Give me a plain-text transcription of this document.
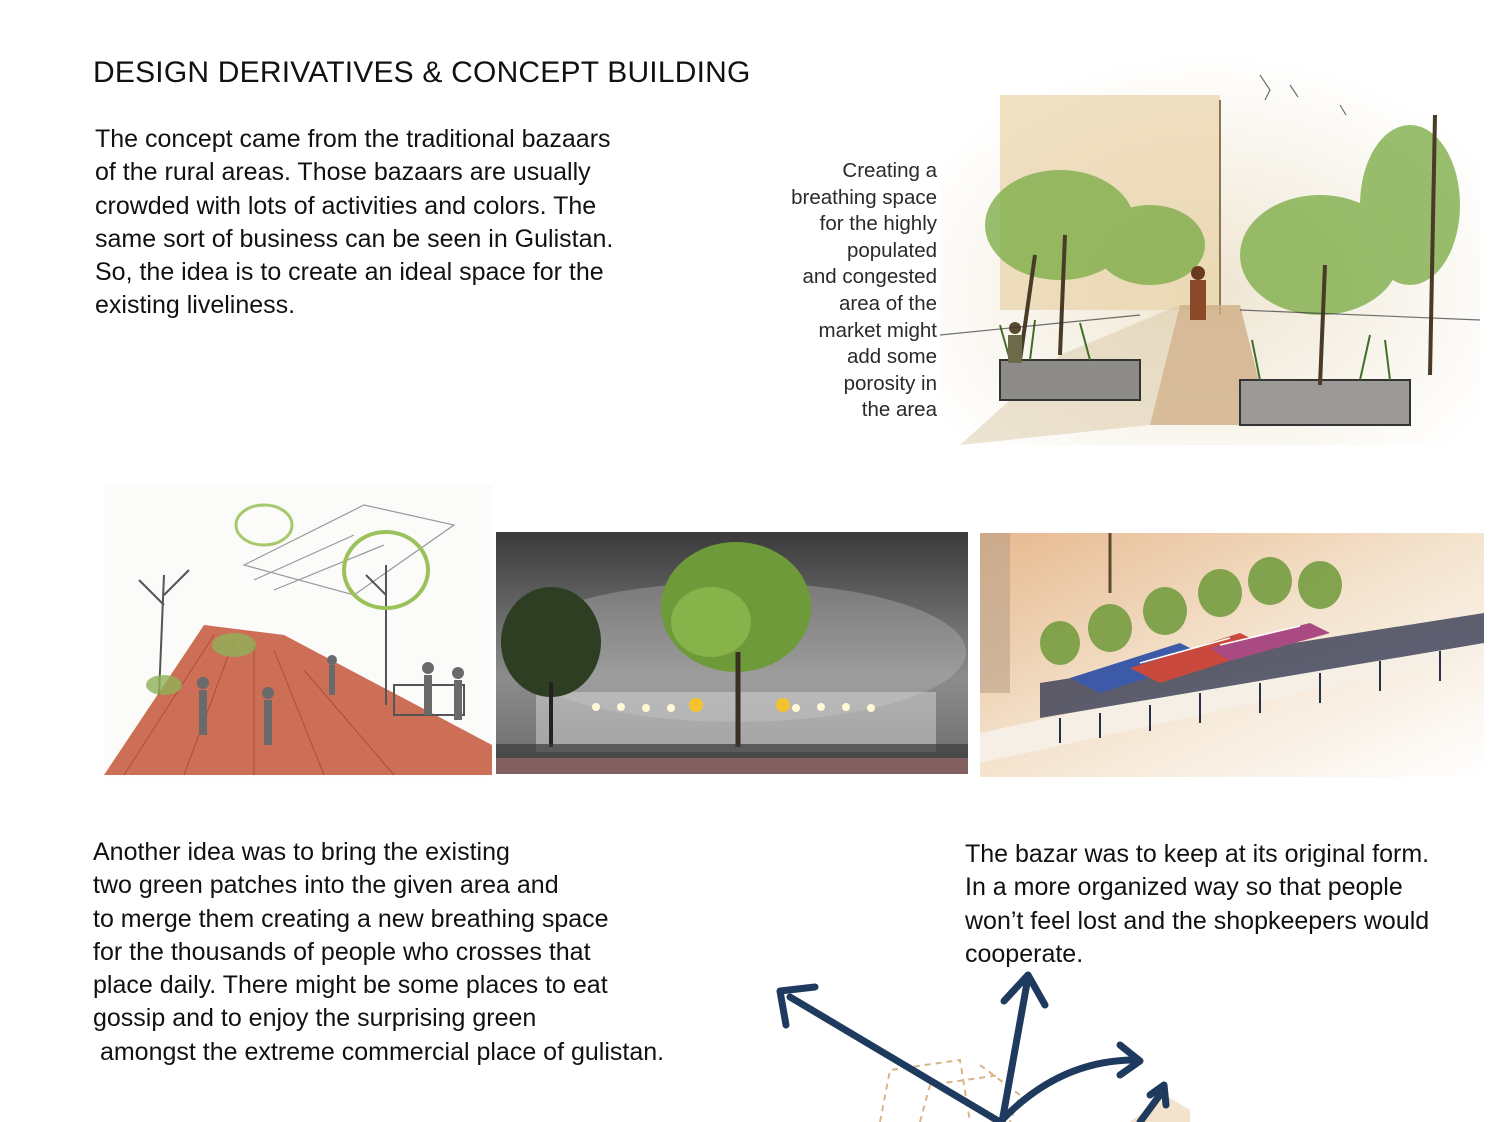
DESIGN DERIVATIVES & CONCEPT BUILDING
The concept came from the traditional bazaars
of the rural areas. Those bazaars are usually
crowded with lots of activities and colors. The
same sort of business can be seen in Gulistan.
So, the idea is to create an ideal space for the
existing liveliness.
Creating a
breathing space
for the highly
populated
and congested
area of the
market might
add some
porosity in
the area
Another idea was to bring the existing
two green patches into the given area and
to merge them creating a new breathing space
for the thousands of people who crosses that
place daily. There might be some places to eat
gossip and to enjoy the surprising green
amongst the extreme commercial place of gulistan.
The bazar was to keep at its original form.
In a more organized way so that people
won’t feel lost and the shopkeepers would
cooperate.
